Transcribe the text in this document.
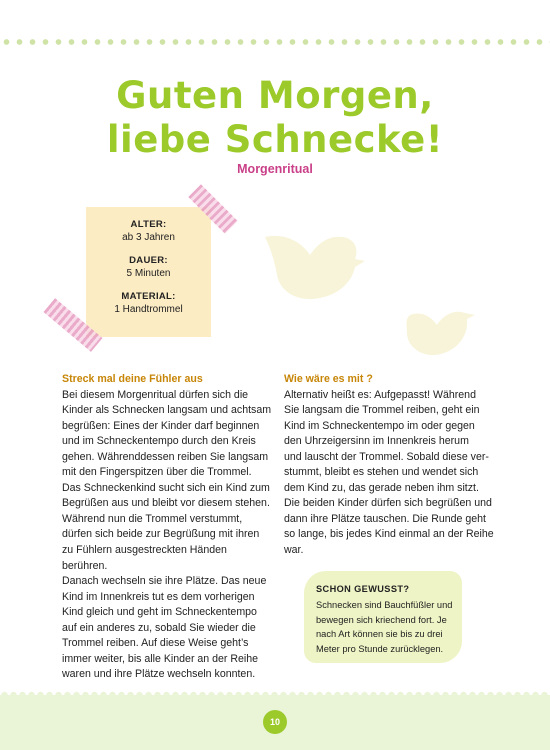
Guten Morgen,
liebe Schnecke!
Morgenritual
ALTER:
ab 3 Jahren
DAUER:
5 Minuten
MATERIAL:
1 Handtrommel
Streck mal deine Fühler aus

Bei diesem Morgenritual dürfen sich die

Kinder als Schnecken langsam und achtsam

begrüßen: Eines der Kinder darf beginnen

und im Schneckentempo durch den Kreis

gehen. Währenddessen reiben Sie langsam

mit den Fingerspitzen über die Trommel.

Das Schneckenkind sucht sich ein Kind zum

Begrüßen aus und bleibt vor diesem stehen.

Während nun die Trommel verstummt,

dürfen sich beide zur Begrüßung mit ihren

zu Fühlern ausgestreckten Händen berühren.

Danach wechseln sie ihre Plätze. Das neue

Kind im Innenkreis tut es dem vorherigen

Kind gleich und geht im Schneckentempo

auf ein anderes zu, sobald Sie wieder die

Trommel reiben. Auf diese Weise geht’s

immer weiter, bis alle Kinder an der Reihe

waren und ihre Plätze wechseln konnten.

Wie wäre es mit ?

Alternativ heißt es: Aufgepasst! Während

Sie langsam die Trommel reiben, geht ein

Kind im Schneckentempo im oder gegen

den Uhrzeigersinn im Innenkreis herum

und lauscht der Trommel. Sobald diese ver-

stummt, bleibt es stehen und wendet sich

dem Kind zu, das gerade neben ihm sitzt.

Die beiden Kinder dürfen sich begrüßen und

dann ihre Plätze tauschen. Die Runde geht

so lange, bis jedes Kind einmal an der Reihe

war.

SCHON GEWUSST?
Schnecken sind Bauchfüßler und
bewegen sich kriechend fort. Je
nach Art können sie bis zu drei
Meter pro Stunde zurücklegen.
10
